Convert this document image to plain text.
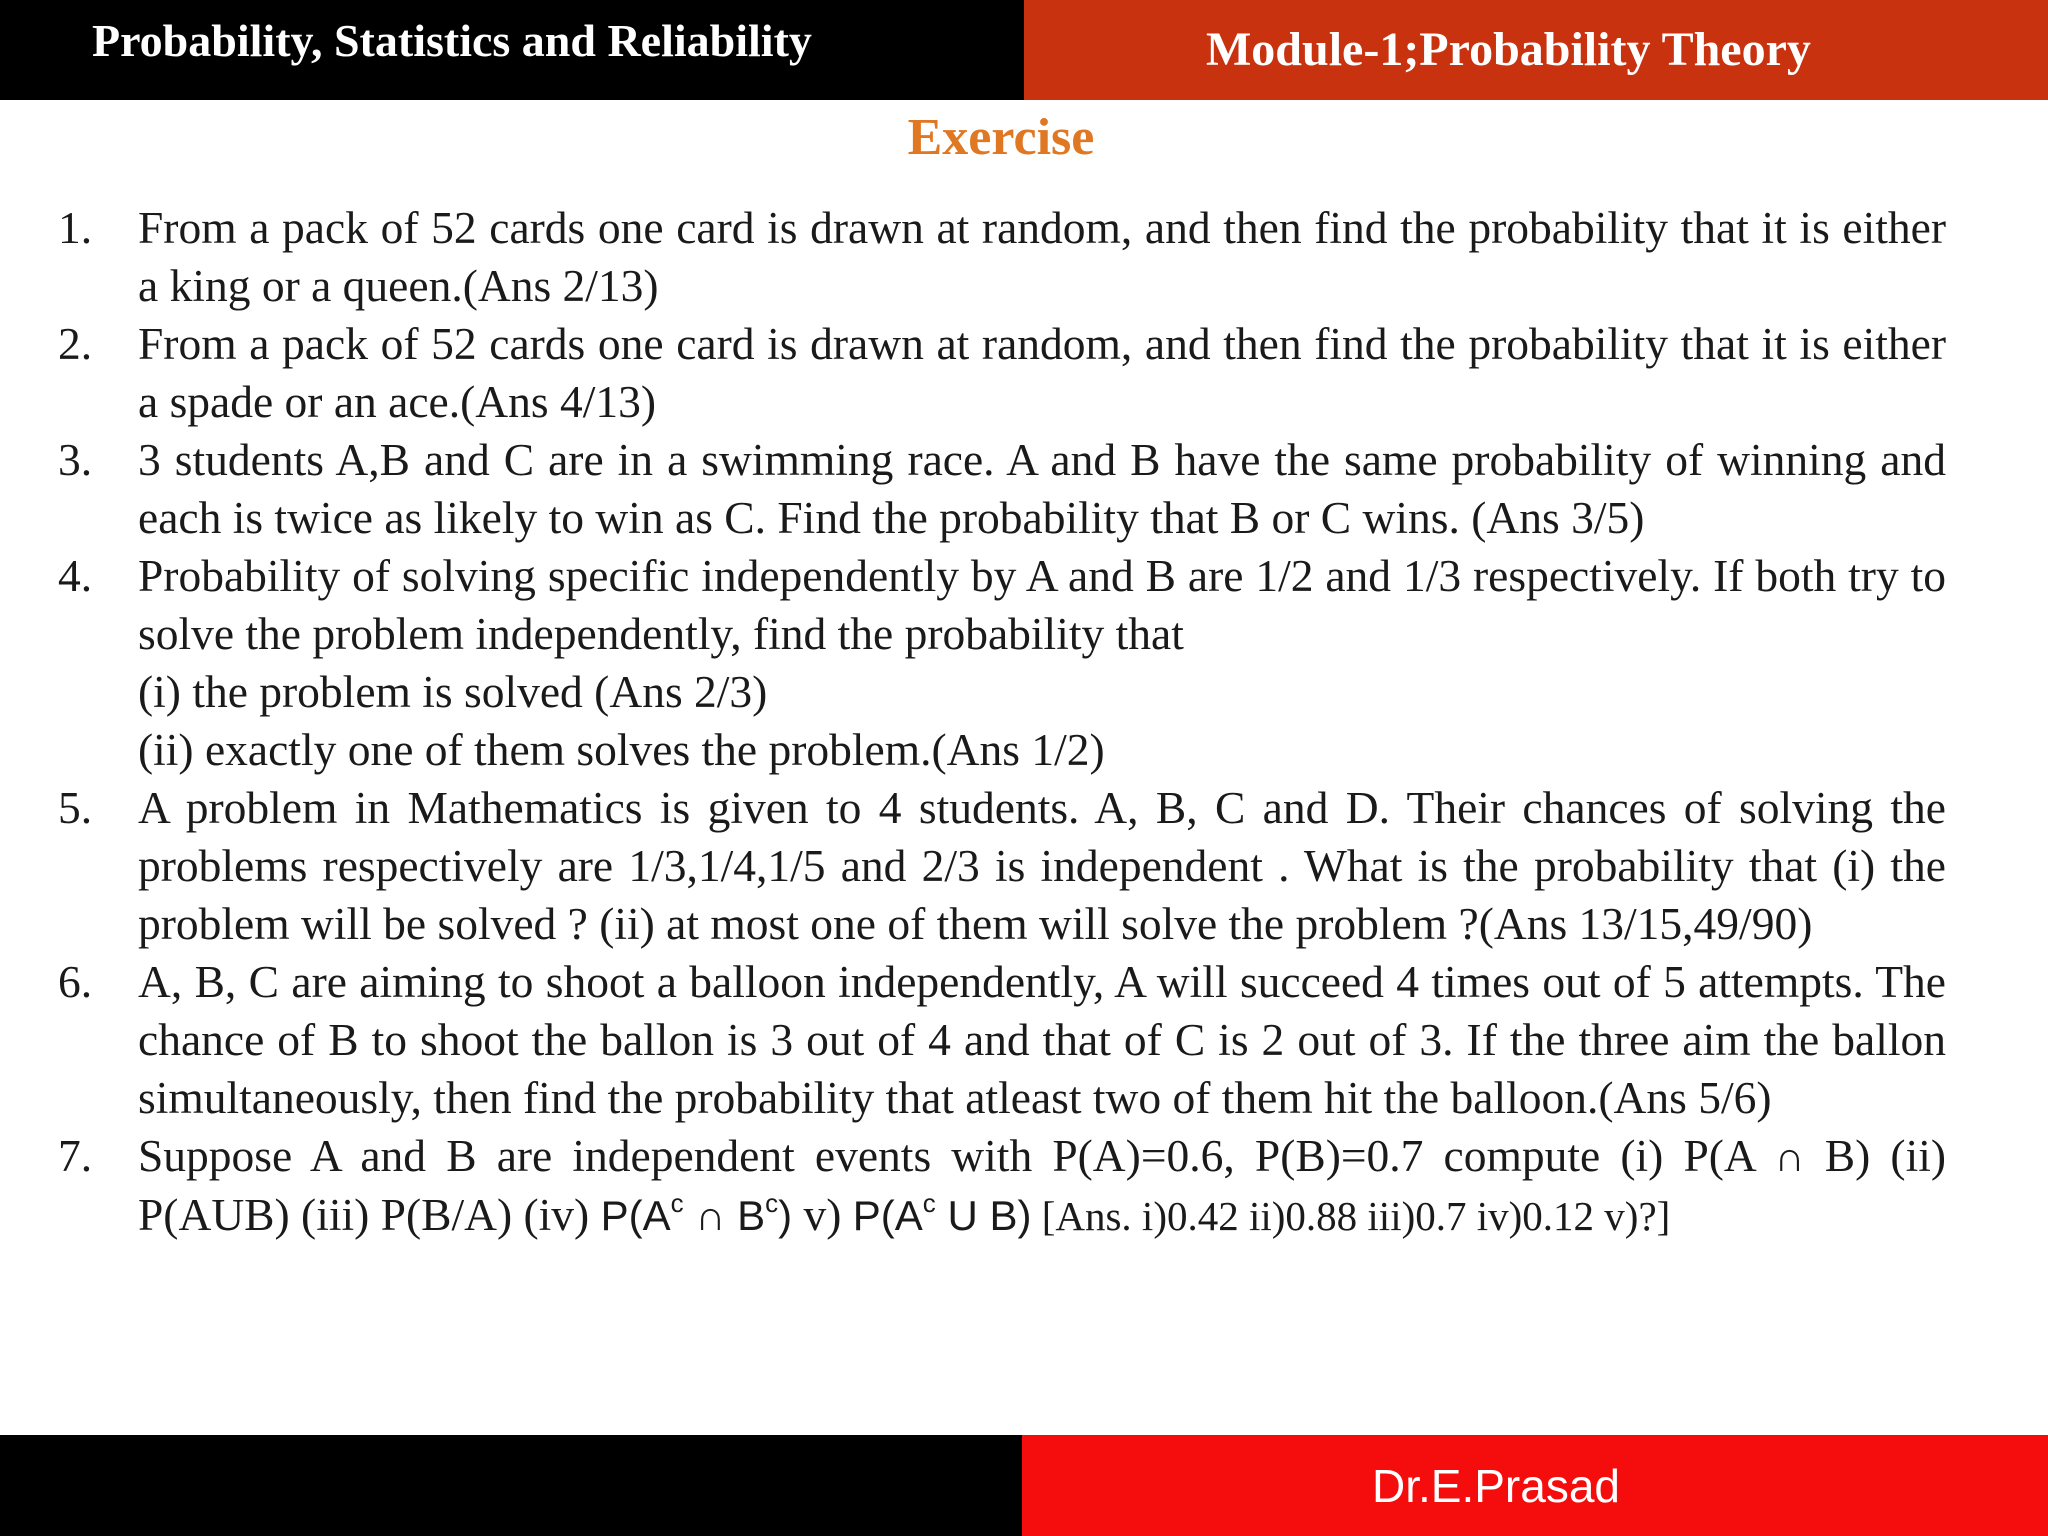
Probability, Statistics and Reliability	Module-1;Probability Theory
Exercise
1. From a pack of 52 cards one card is drawn at random, and then find the probability that it is either a king or a queen.(Ans 2/13)
2. From a pack of 52 cards one card is drawn at random, and then find the probability that it is either a spade or an ace.(Ans 4/13)
3. 3 students A,B and C are in a swimming race. A and B have the same probability of winning and each is twice as likely to win as C. Find the probability that B or C wins. (Ans 3/5)
4. Probability of solving specific independently by A and B are 1/2 and 1/3 respectively. If both try to solve the problem independently, find the probability that
(i) the problem is solved (Ans 2/3)
(ii) exactly one of them solves the problem.(Ans 1/2)
5. A problem in Mathematics is given to 4 students. A, B, C and D. Their chances of solving the problems respectively are 1/3,1/4,1/5 and 2/3 is independent . What is the probability that (i) the problem will be solved ? (ii) at most one of them will solve the problem ?(Ans 13/15,49/90)
6. A, B, C are aiming to shoot a balloon independently, A will succeed 4 times out of 5 attempts. The chance of B to shoot the ballon is 3 out of 4 and that of C is 2 out of 3. If the three aim the ballon simultaneously, then find the probability that atleast two of them hit the balloon.(Ans 5/6)
7. Suppose A and B are independent events with P(A)=0.6, P(B)=0.7 compute (i) P(A ∩ B) (ii) P(AUB) (iii) P(B/A) (iv) $P(A^c$ ∩ $B^c$) v) $P(A^c$ U B) [Ans. i)0.42 ii)0.88 iii)0.7 iv)0.12 v)?]
Dr.E.Prasad
